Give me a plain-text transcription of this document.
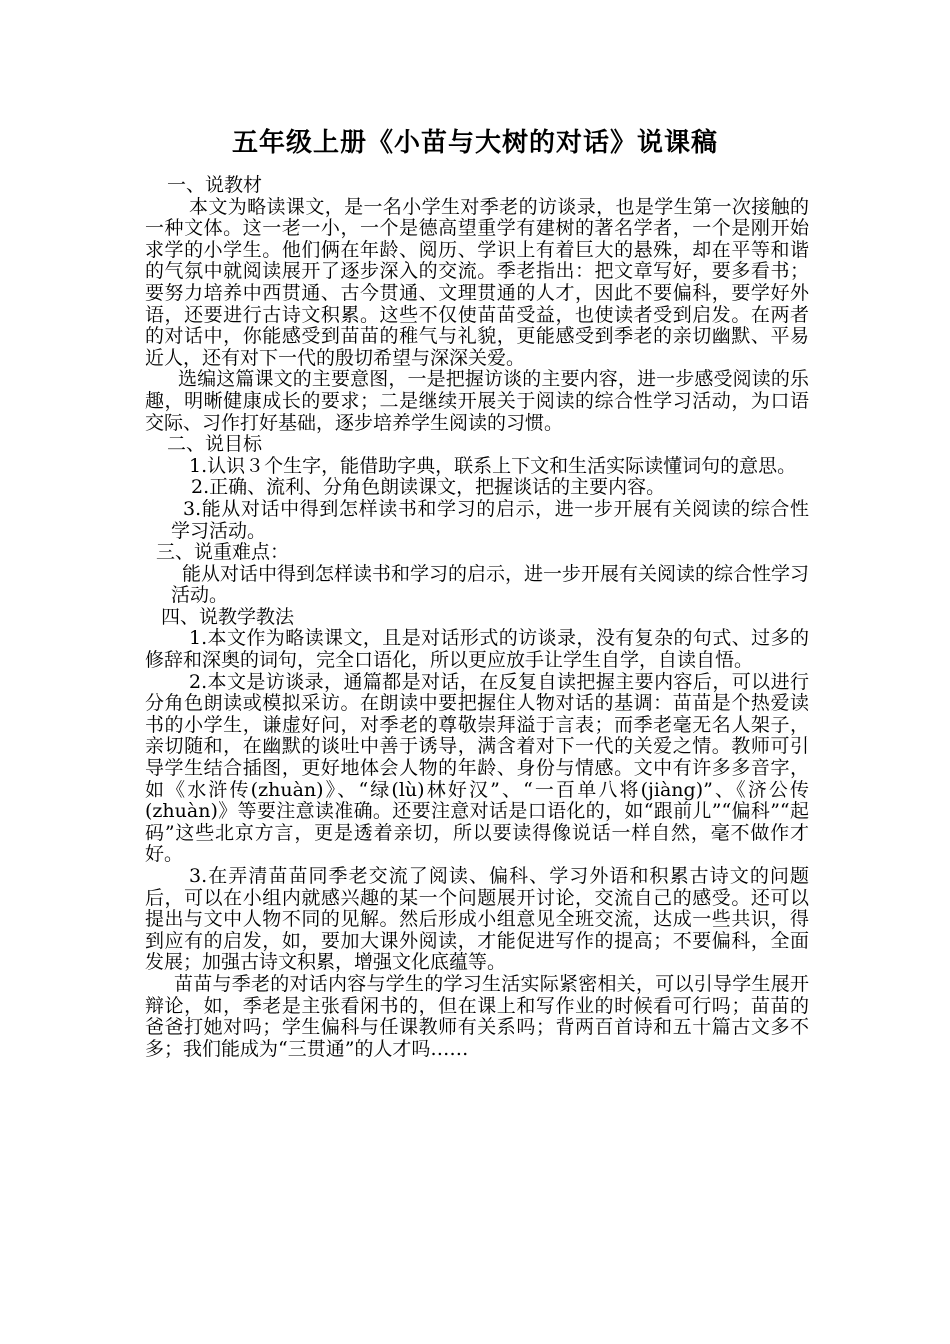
五年级上册《小苗与大树的对话》说课稿

一、说教材

本文为略读课文，是一名小学生对季老的访谈录，也是学生第一次接触的一种文体。这一老一小，一个是德高望重学有建树的著名学者，一个是刚开始求学的小学生。他们俩在年龄、阅历、学识上有着巨大的悬殊，却在平等和谐的气氛中就阅读展开了逐步深入的交流。季老指出：把文章写好，要多看书；要努力培养中西贯通、古今贯通、文理贯通的人才，因此不要偏科，要学好外语，还要进行古诗文积累。这些不仅使苗苗受益，也使读者受到启发。在两者的对话中，你能感受到苗苗的稚气与礼貌，更能感受到季老的亲切幽默、平易近人，还有对下一代的殷切希望与深深关爱。

选编这篇课文的主要意图，一是把握访谈的主要内容，进一步感受阅读的乐趣，明晰健康成长的要求；二是继续开展关于阅读的综合性学习活动，为口语交际、习作打好基础，逐步培养学生阅读的习惯。

二、说目标

1.认识３个生字，能借助字典，联系上下文和生活实际读懂词句的意思。

2.正确、流利、分角色朗读课文，把握谈话的主要内容。

3.能从对话中得到怎样读书和学习的启示，进一步开展有关阅读的综合性学习活动。

三、说重难点：

能从对话中得到怎样读书和学习的启示，进一步开展有关阅读的综合性学习活动。

四、说教学教法

1.本文作为略读课文，且是对话形式的访谈录，没有复杂的句式、过多的修辞和深奥的词句，完全口语化，所以更应放手让学生自学，自读自悟。

2.本文是访谈录，通篇都是对话，在反复自读把握主要内容后，可以进行分角色朗读或模拟采访。在朗读中要把握住人物对话的基调：苗苗是个热爱读书的小学生，谦虚好问，对季老的尊敬崇拜溢于言表；而季老毫无名人架子，亲切随和，在幽默的谈吐中善于诱导，满含着对下一代的关爱之情。教师可引导学生结合插图，更好地体会人物的年龄、身份与情感。文中有许多多音字，如《水浒传(zhuàn)》、“绿(lù)林好汉”、“一百单八将(jiàng)”、《济公传(zhuàn)》等要注意读准确。还要注意对话是口语化的，如“跟前儿”“偏科”“起码”这些北京方言，更是透着亲切，所以要读得像说话一样自然，毫不做作才好。

3.在弄清苗苗同季老交流了阅读、偏科、学习外语和积累古诗文的问题后，可以在小组内就感兴趣的某一个问题展开讨论，交流自己的感受。还可以提出与文中人物不同的见解。然后形成小组意见全班交流，达成一些共识，得到应有的启发，如，要加大课外阅读，才能促进写作的提高；不要偏科，全面发展；加强古诗文积累，增强文化底蕴等。

苗苗与季老的对话内容与学生的学习生活实际紧密相关，可以引导学生展开辩论，如，季老是主张看闲书的，但在课上和写作业的时候看可行吗；苗苗的爸爸打她对吗；学生偏科与任课教师有关系吗；背两百首诗和五十篇古文多不多；我们能成为“三贯通”的人才吗……
